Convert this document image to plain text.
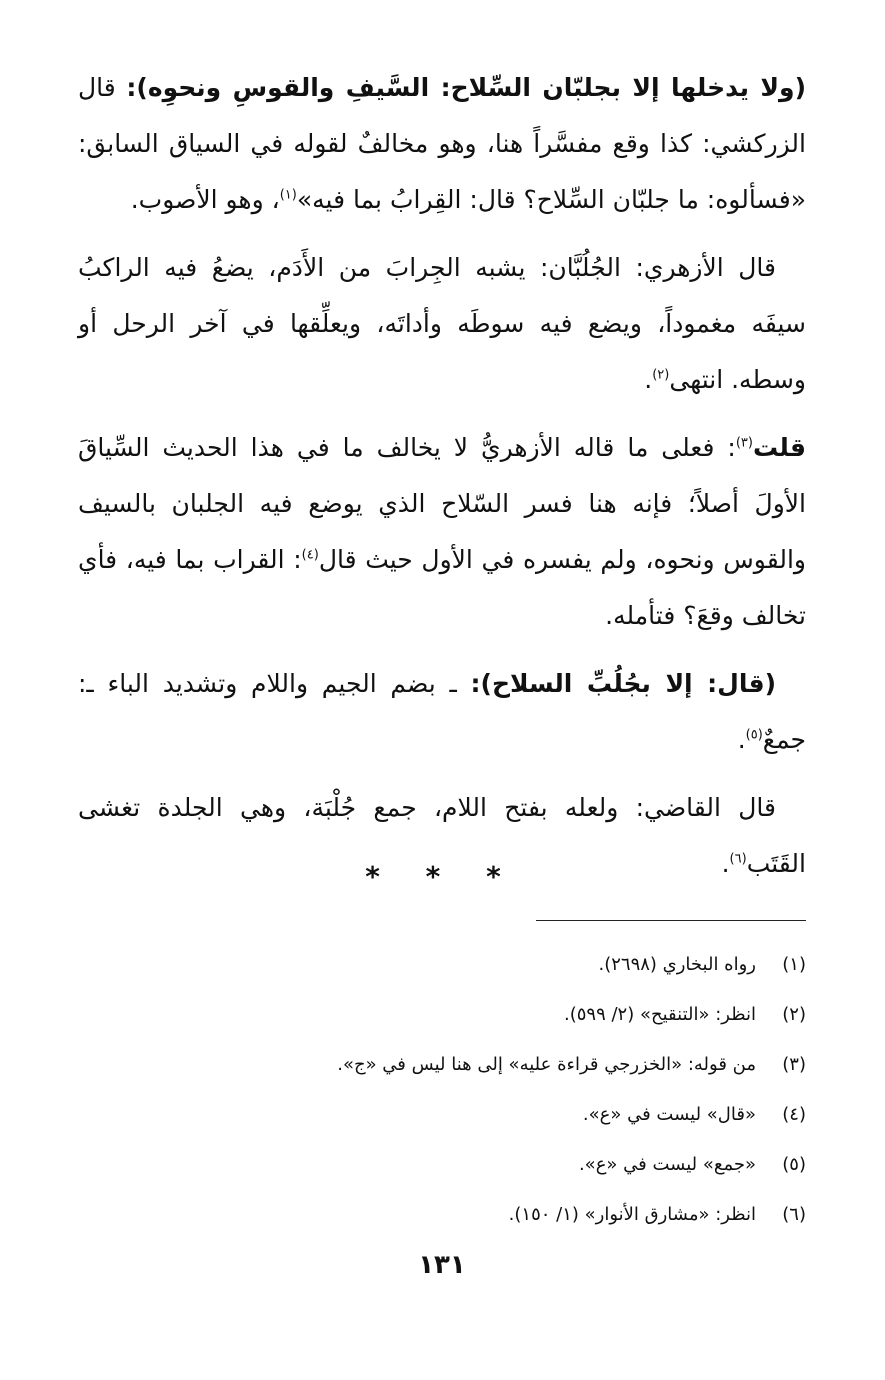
(ولا يدخلها إلا بجلبّان السِّلاح: السَّيفِ والقوسِ ونحوِه): قال الزركشي: كذا وقع مفسَّراً هنا، وهو مخالفٌ لقوله في السياق السابق: «فسألوه: ما جلبّان السِّلاح؟ قال: القِرابُ بما فيه»$^{(١)}$، وهو الأصوب.

قال الأزهري: الجُلُبَّان: يشبه الجِرابَ من الأَدَم، يضعُ فيه الراكبُ سيفَه مغموداً، ويضع فيه سوطَه وأداتَه، ويعلِّقها في آخر الرحل أو وسطه. انتهى$^{(٢)}$.

قلت$^{(٣)}$: فعلى ما قاله الأزهريُّ لا يخالف ما في هذا الحديث السِّياقَ الأولَ أصلاً؛ فإنه هنا فسر السّلاح الذي يوضع فيه الجلبان بالسيف والقوس ونحوه، ولم يفسره في الأول حيث قال$^{(٤)}$: القراب بما فيه، فأي تخالف وقعَ؟ فتأمله.

(قال: إلا بجُلُبِّ السلاح): ـ بضم الجيم واللام وتشديد الباء ـ: جمعٌ$^{(٥)}$.

قال القاضي: ولعله بفتح اللام، جمع جُلْبَة، وهي الجلدة تغشى القَتَب$^{(٦)}$.

* * *
(١)
رواه البخاري (٢٦٩٨).
(٢)
انظر: «التنقيح» (٢/ ٥٩٩).
(٣)
من قوله: «الخزرجي قراءة عليه» إلى هنا ليس في «ج».
(٤)
«قال» ليست في «ع».
(٥)
«جمع» ليست في «ع».
(٦)
انظر: «مشارق الأنوار» (١/ ١٥٠).
١٣١
